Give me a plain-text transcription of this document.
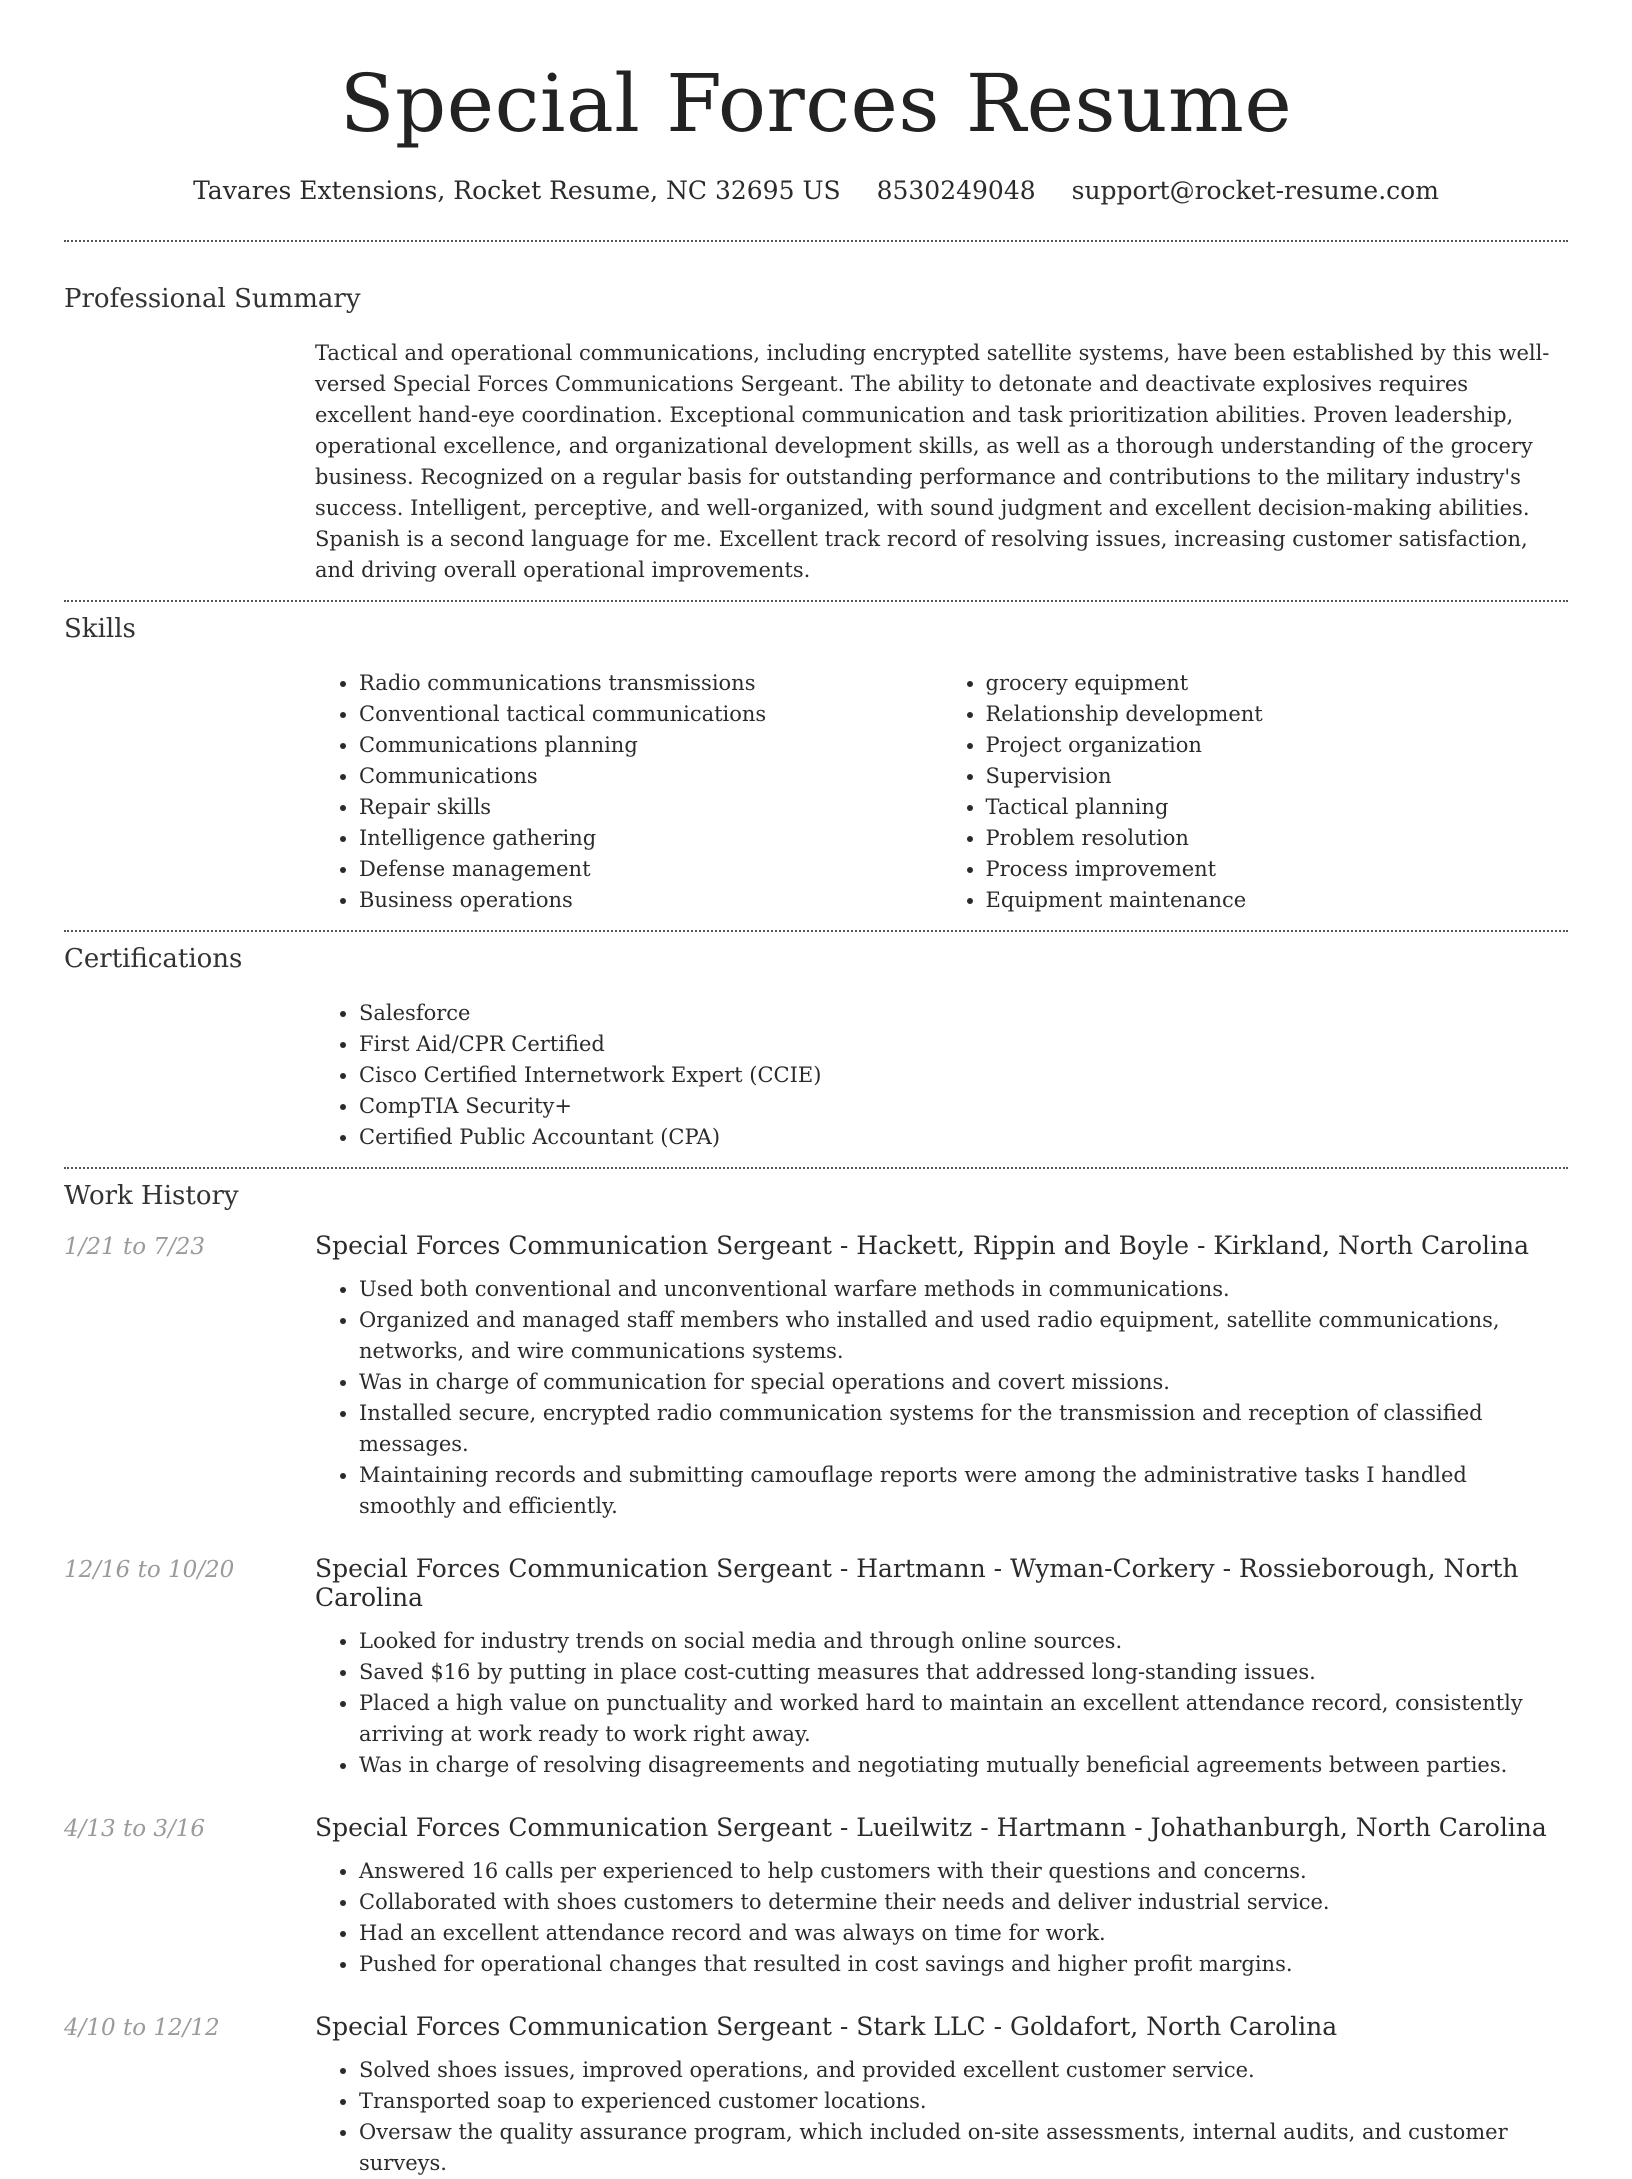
Special Forces Resume
Tavares Extensions, Rocket Resume, NC 32695 US 8530249048 support@rocket-resume.com
Professional Summary
Tactical and operational communications, including encrypted satellite systems, have been established by this well-versed Special Forces Communications Sergeant. The ability to detonate and deactivate explosives requires excellent hand-eye coordination. Exceptional communication and task prioritization abilities. Proven leadership, operational excellence, and organizational development skills, as well as a thorough understanding of the grocery business. Recognized on a regular basis for outstanding performance and contributions to the military industry's success. Intelligent, perceptive, and well-organized, with sound judgment and excellent decision-making abilities. Spanish is a second language for me. Excellent track record of resolving issues, increasing customer satisfaction, and driving overall operational improvements.
Skills
• Radio communications transmissions
• Conventional tactical communications
• Communications planning
• Communications
• Repair skills
• Intelligence gathering
• Defense management
• Business operations
• grocery equipment
• Relationship development
• Project organization
• Supervision
• Tactical planning
• Problem resolution
• Process improvement
• Equipment maintenance
Certifications
• Salesforce
• First Aid/CPR Certified
• Cisco Certified Internetwork Expert (CCIE)
• CompTIA Security+
• Certified Public Accountant (CPA)
Work History
1/21 to 7/23	Special Forces Communication Sergeant - Hackett, Rippin and Boyle - Kirkland, North Carolina
• Used both conventional and unconventional warfare methods in communications.
• Organized and managed staff members who installed and used radio equipment, satellite communications, networks, and wire communications systems.
• Was in charge of communication for special operations and covert missions.
• Installed secure, encrypted radio communication systems for the transmission and reception of classified messages.
• Maintaining records and submitting camouflage reports were among the administrative tasks I handled smoothly and efficiently.
12/16 to 10/20	Special Forces Communication Sergeant - Hartmann - Wyman-Corkery - Rossieborough, North Carolina
• Looked for industry trends on social media and through online sources.
• Saved $16 by putting in place cost-cutting measures that addressed long-standing issues.
• Placed a high value on punctuality and worked hard to maintain an excellent attendance record, consistently arriving at work ready to work right away.
• Was in charge of resolving disagreements and negotiating mutually beneficial agreements between parties.
4/13 to 3/16	Special Forces Communication Sergeant - Lueilwitz - Hartmann - Johathanburgh, North Carolina
• Answered 16 calls per experienced to help customers with their questions and concerns.
• Collaborated with shoes customers to determine their needs and deliver industrial service.
• Had an excellent attendance record and was always on time for work.
• Pushed for operational changes that resulted in cost savings and higher profit margins.
4/10 to 12/12	Special Forces Communication Sergeant - Stark LLC - Goldafort, North Carolina
• Solved shoes issues, improved operations, and provided excellent customer service.
• Transported soap to experienced customer locations.
• Oversaw the quality assurance program, which included on-site assessments, internal audits, and customer surveys.
